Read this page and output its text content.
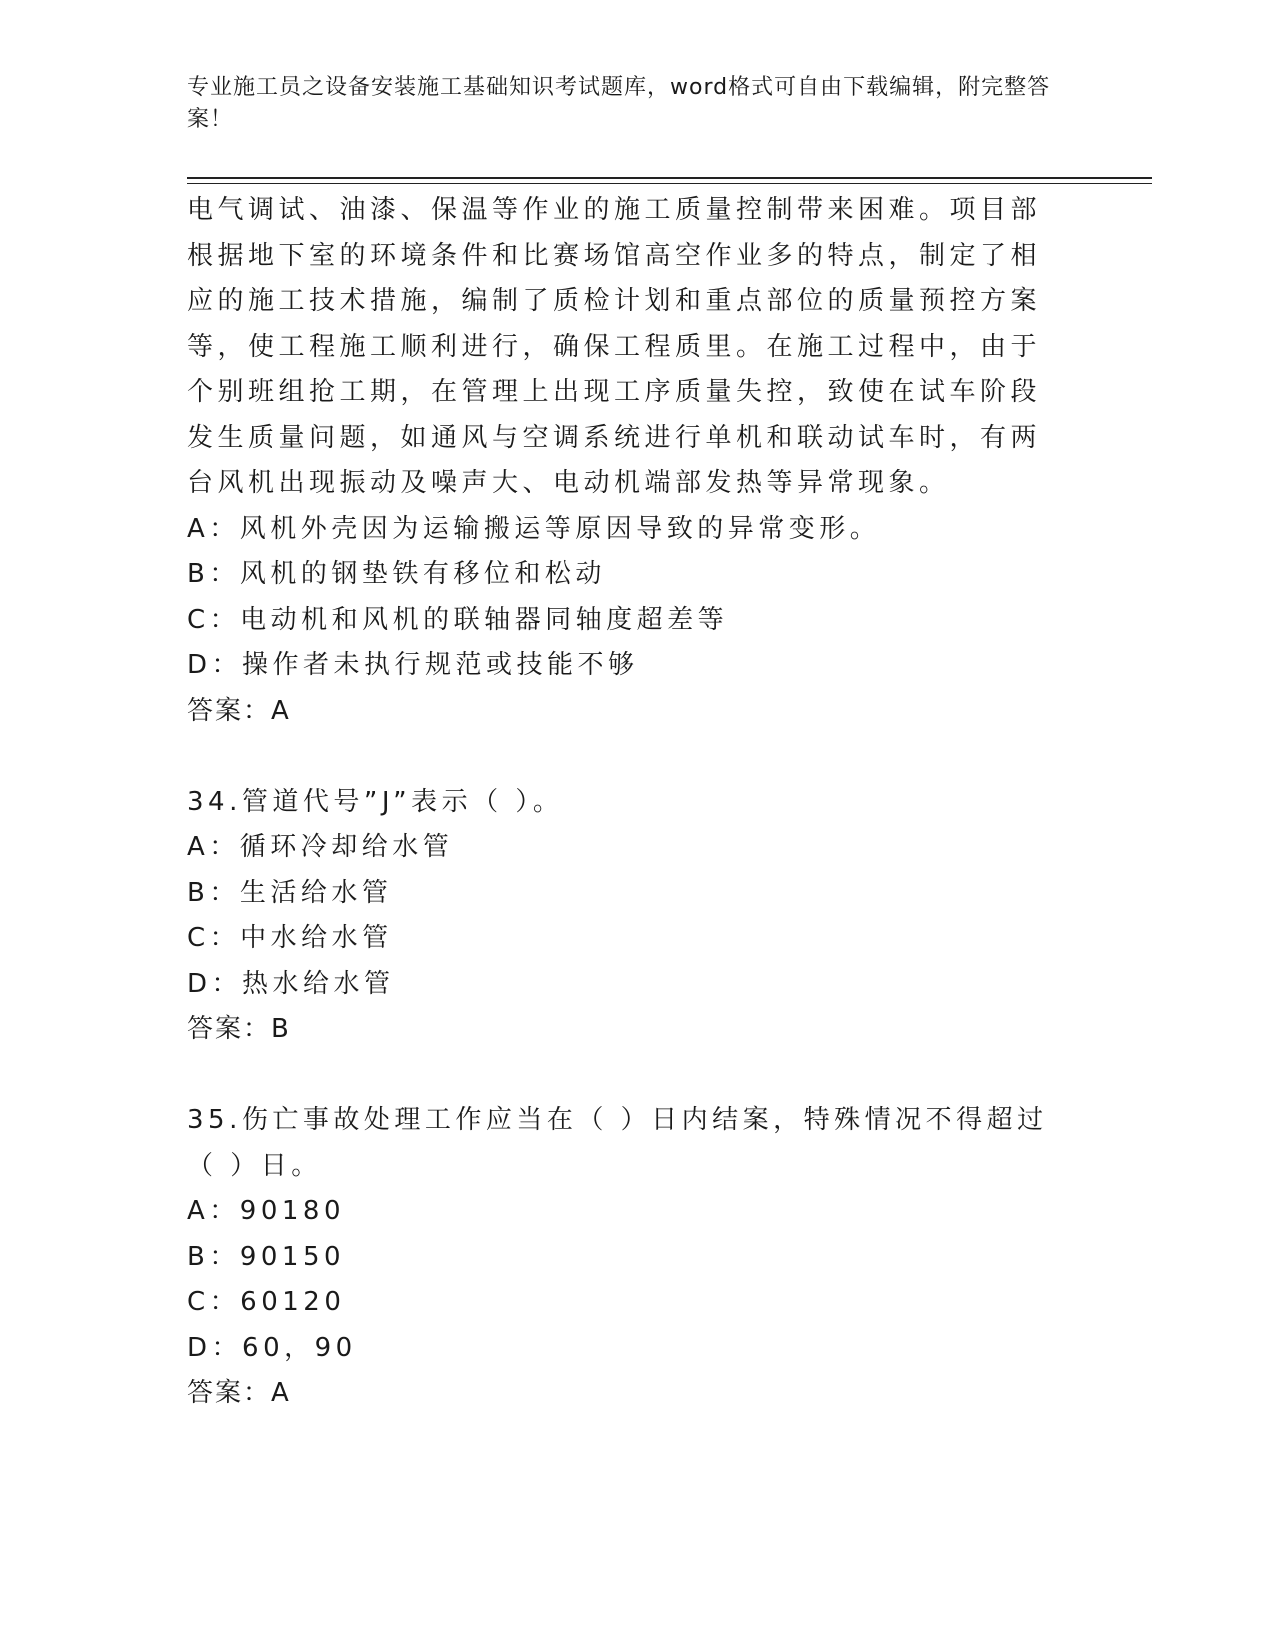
专业施工员之设备安装施工基础知识考试题库，word格式可自由下载编辑，附完整答案！

电气调试、油漆、保温等作业的施工质量控制带来困难。项目部根据地下室的环境条件和比赛场馆高空作业多的特点，制定了相应的施工技术措施，编制了质检计划和重点部位的质量预控方案等，使工程施工顺利进行，确保工程质里。在施工过程中，由于个别班组抢工期，在管理上出现工序质量失控，致使在试车阶段发生质量问题，如通风与空调系统进行单机和联动试车时，有两台风机出现振动及噪声大、电动机端部发热等异常现象。

A：风机外壳因为运输搬运等原因导致的异常变形。

B：风机的钢垫铁有移位和松动

C：电动机和风机的联轴器同轴度超差等

D：操作者未执行规范或技能不够

答案：A

34.管道代号”J”表示（ ）。

A：循环冷却给水管

B：生活给水管

C：中水给水管

D：热水给水管

答案：B

35.伤亡事故处理工作应当在（ ）日内结案，特殊情况不得超过（ ）日。

A：90180

B：90150

C：60120

D：60，90

答案：A
